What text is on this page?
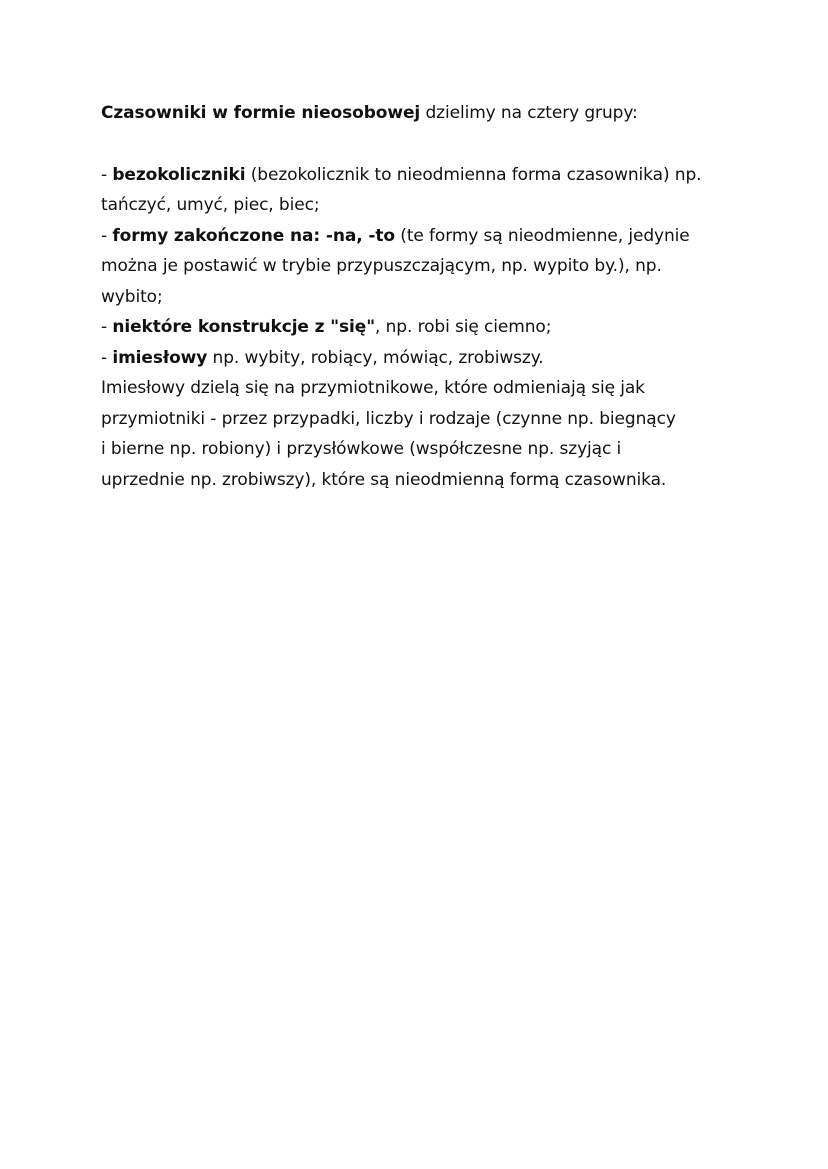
Czasowniki w formie nieosobowej dzielimy na cztery grupy:

- bezokoliczniki (bezokolicznik to nieodmienna forma czasownika) np.

tańczyć, umyć, piec, biec;

- formy zakończone na: -na, -to (te formy są nieodmienne, jedynie

można je postawić w trybie przypuszczającym, np. wypito by.), np.

wybito;

- niektóre konstrukcje z "się", np. robi się ciemno;

- imiesłowy np. wybity, robiący, mówiąc, zrobiwszy.

Imiesłowy dzielą się na przymiotnikowe, które odmieniają się jak

przymiotniki - przez przypadki, liczby i rodzaje (czynne np. biegnący

i bierne np. robiony) i przysłówkowe (współczesne np. szyjąc i

uprzednie np. zrobiwszy), które są nieodmienną formą czasownika.
